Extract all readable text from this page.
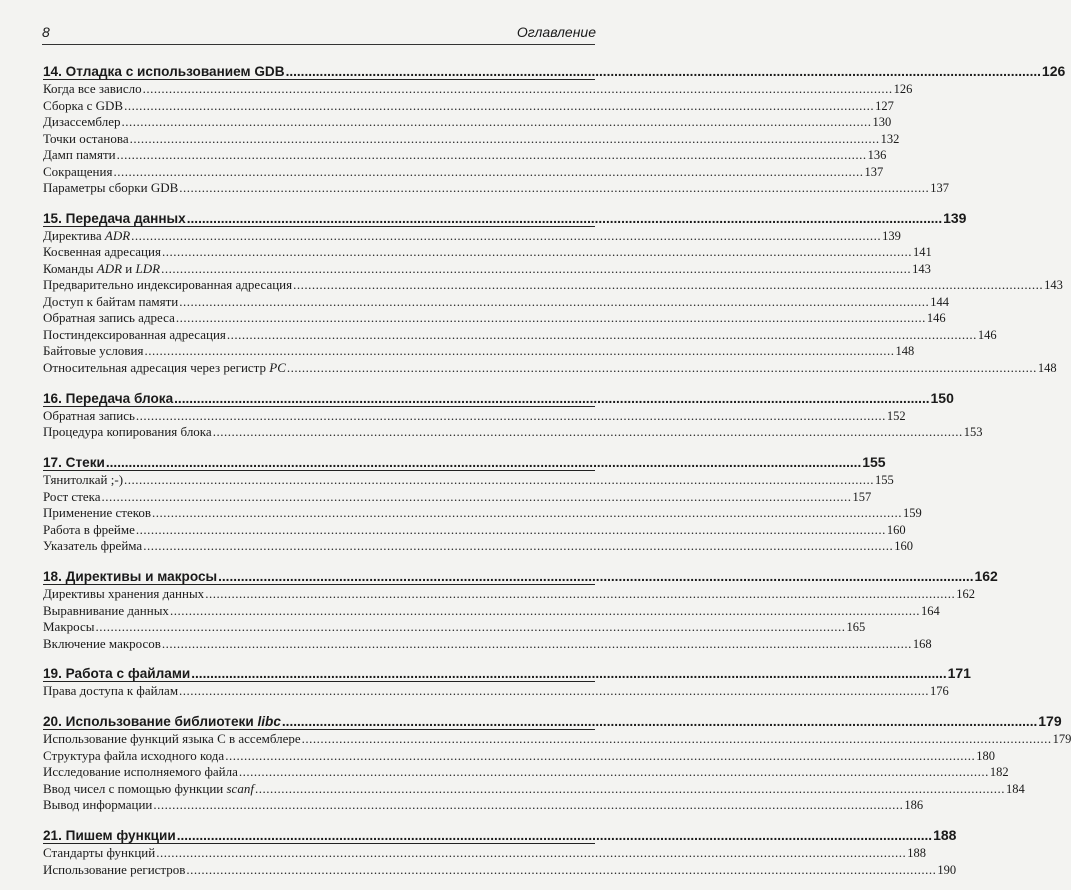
8	Оглавление
14. Отладка с использованием GDB ........................................................................................................................................................................................................ 126
Когда все зависло ........................................................................................................................................................................................................ 126
Сборка с GDB ........................................................................................................................................................................................................ 127
Дизассемблер ........................................................................................................................................................................................................ 130
Точки останова ........................................................................................................................................................................................................ 132
Дамп памяти ........................................................................................................................................................................................................ 136
Сокращения ........................................................................................................................................................................................................ 137
Параметры сборки GDB ........................................................................................................................................................................................................ 137
15. Передача данных ........................................................................................................................................................................................................ 139
Директива ADR ........................................................................................................................................................................................................ 139
Косвенная адресация ........................................................................................................................................................................................................ 141
Команды ADR и LDR ........................................................................................................................................................................................................ 143
Предварительно индексированная адресация ........................................................................................................................................................................................................ 143
Доступ к байтам памяти ........................................................................................................................................................................................................ 144
Обратная запись адреса ........................................................................................................................................................................................................ 146
Постиндексированная адресация ........................................................................................................................................................................................................ 146
Байтовые условия ........................................................................................................................................................................................................ 148
Относительная адресация через регистр PC ........................................................................................................................................................................................................ 148
16. Передача блока ........................................................................................................................................................................................................ 150
Обратная запись ........................................................................................................................................................................................................ 152
Процедура копирования блока ........................................................................................................................................................................................................ 153
17. Стеки ........................................................................................................................................................................................................ 155
Тянитолкай ;-) ........................................................................................................................................................................................................ 155
Рост стека ........................................................................................................................................................................................................ 157
Применение стеков ........................................................................................................................................................................................................ 159
Работа в фрейме ........................................................................................................................................................................................................ 160
Указатель фрейма ........................................................................................................................................................................................................ 160
18. Директивы и макросы ........................................................................................................................................................................................................ 162
Директивы хранения данных ........................................................................................................................................................................................................ 162
Выравнивание данных ........................................................................................................................................................................................................ 164
Макросы ........................................................................................................................................................................................................ 165
Включение макросов ........................................................................................................................................................................................................ 168
19. Работа с файлами ........................................................................................................................................................................................................ 171
Права доступа к файлам ........................................................................................................................................................................................................ 176
20. Использование библиотеки libc ........................................................................................................................................................................................................ 179
Использование функций языка С в ассемблере ........................................................................................................................................................................................................ 179
Структура файла исходного кода ........................................................................................................................................................................................................ 180
Исследование исполняемого файла ........................................................................................................................................................................................................ 182
Ввод чисел с помощью функции scanf ........................................................................................................................................................................................................ 184
Вывод информации ........................................................................................................................................................................................................ 186
21. Пишем функции ........................................................................................................................................................................................................ 188
Стандарты функций ........................................................................................................................................................................................................ 188
Использование регистров ........................................................................................................................................................................................................ 190
